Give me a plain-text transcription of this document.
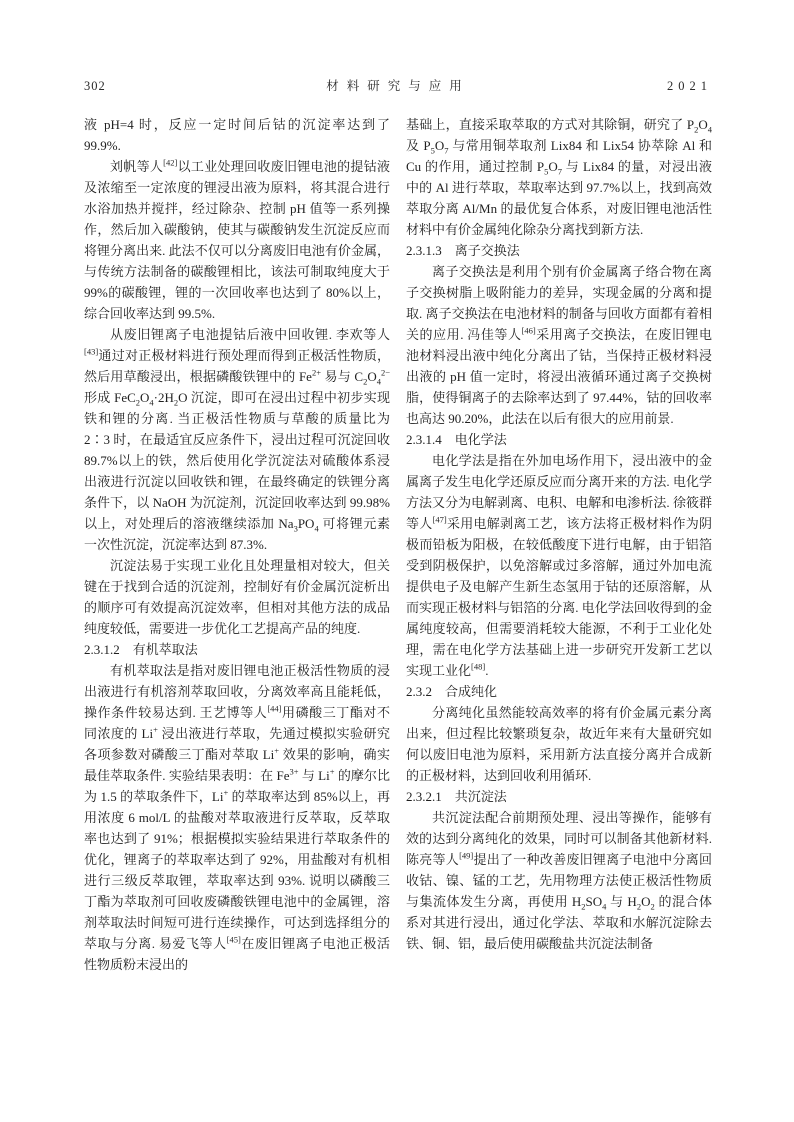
302	材料研究与应用	2021

液 pH=4 时，反应一定时间后钴的沉淀率达到了 99.9%.

刘帆等人[42]以工业处理回收废旧锂电池的提钴液及浓缩至一定浓度的锂浸出液为原料，将其混合进行水浴加热并搅拌，经过除杂、控制 pH 值等一系列操作，然后加入碳酸钠，使其与碳酸钠发生沉淀反应而将锂分离出来. 此法不仅可以分离废旧电池有价金属，与传统方法制备的碳酸锂相比，该法可制取纯度大于 99%的碳酸锂，锂的一次回收率也达到了 80%以上，综合回收率达到 99.5%.

从废旧锂离子电池提钴后液中回收锂. 李欢等人[43]通过对正极材料进行预处理而得到正极活性物质，然后用草酸浸出，根据磷酸铁锂中的 $Fe^{2+}$ 易与 $C_2O_4^{2-}$ 形成 $FeC_2O_4\cdot 2H_2O$ 沉淀，即可在浸出过程中初步实现铁和锂的分离. 当正极活性物质与草酸的质量比为 2∶3 时，在最适宜反应条件下，浸出过程可沉淀回收 89.7%以上的铁，然后使用化学沉淀法对硫酸体系浸出液进行沉淀以回收铁和锂，在最终确定的铁锂分离条件下，以 NaOH 为沉淀剂，沉淀回收率达到 99.98%以上，对处理后的溶液继续添加 $Na_3PO_4$ 可将锂元素一次性沉淀，沉淀率达到 87.3%.

沉淀法易于实现工业化且处理量相对较大，但关键在于找到合适的沉淀剂，控制好有价金属沉淀析出的顺序可有效提高沉淀效率，但相对其他方法的成品纯度较低，需要进一步优化工艺提高产品的纯度.

2.3.1.2　有机萃取法

有机萃取法是指对废旧锂电池正极活性物质的浸出液进行有机溶剂萃取回收，分离效率高且能耗低，操作条件较易达到. 王艺博等人[44]用磷酸三丁酯对不同浓度的 Li+ 浸出液进行萃取，先通过模拟实验研究各项参数对磷酸三丁酯对萃取 Li+ 效果的影响，确实最佳萃取条件. 实验结果表明：在 $Fe^{3+}$ 与 Li+ 的摩尔比为 1.5 的萃取条件下，Li+ 的萃取率达到 85%以上，再用浓度 6 mol/L 的盐酸对萃取液进行反萃取，反萃取率也达到了 91%；根据模拟实验结果进行萃取条件的优化，锂离子的萃取率达到了 92%，用盐酸对有机相进行三级反萃取锂，萃取率达到 93%. 说明以磷酸三丁酯为萃取剂可回收废磷酸铁锂电池中的金属锂，溶剂萃取法时间短可进行连续操作，可达到选择组分的萃取与分离. 易爱飞等人[45]在废旧锂离子电池正极活性物质粉末浸出的

基础上，直接采取萃取的方式对其除铜，研究了 $P_2O_4$ 及 $P_5O_7$ 与常用铜萃取剂 Lix84 和 Lix54 协萃除 Al 和 Cu 的作用，通过控制 $P_5O_7$ 与 Lix84 的量，对浸出液中的 Al 进行萃取，萃取率达到 97.7%以上，找到高效萃取分离 Al/Mn 的最优复合体系，对废旧锂电池活性材料中有价金属纯化除杂分离找到新方法.

2.3.1.3　离子交换法

离子交换法是利用个别有价金属离子络合物在离子交换树脂上吸附能力的差异，实现金属的分离和提取. 离子交换法在电池材料的制备与回收方面都有着相关的应用. 冯佳等人[46]采用离子交换法，在废旧锂电池材料浸出液中纯化分离出了钴，当保持正极材料浸出液的 pH 值一定时，将浸出液循环通过离子交换树脂，使得铜离子的去除率达到了 97.44%，钴的回收率也高达 90.20%，此法在以后有很大的应用前景.

2.3.1.4　电化学法

电化学法是指在外加电场作用下，浸出液中的金属离子发生电化学还原反应而分离开来的方法. 电化学方法又分为电解剥离、电积、电解和电渗析法. 徐筱群等人[47]采用电解剥离工艺，该方法将正极材料作为阴极而铅板为阳极，在较低酸度下进行电解，由于铝箔受到阴极保护，以免溶解或过多溶解，通过外加电流提供电子及电解产生新生态氢用于钴的还原溶解，从而实现正极材料与铝箔的分离. 电化学法回收得到的金属纯度较高，但需要消耗较大能源，不利于工业化处理，需在电化学方法基础上进一步研究开发新工艺以实现工业化[48].

2.3.2　合成纯化

分离纯化虽然能较高效率的将有价金属元素分离出来，但过程比较繁琐复杂，故近年来有大量研究如何以废旧电池为原料，采用新方法直接分离并合成新的正极材料，达到回收利用循环.

2.3.2.1　共沉淀法

共沉淀法配合前期预处理、浸出等操作，能够有效的达到分离纯化的效果，同时可以制备其他新材料. 陈亮等人[49]提出了一种改善废旧锂离子电池中分离回收钴、镍、锰的工艺，先用物理方法使正极活性物质与集流体发生分离，再使用 $H_2SO_4$ 与 $H_2O_2$ 的混合体系对其进行浸出，通过化学法、萃取和水解沉淀除去铁、铜、铝，最后使用碳酸盐共沉淀法制备
